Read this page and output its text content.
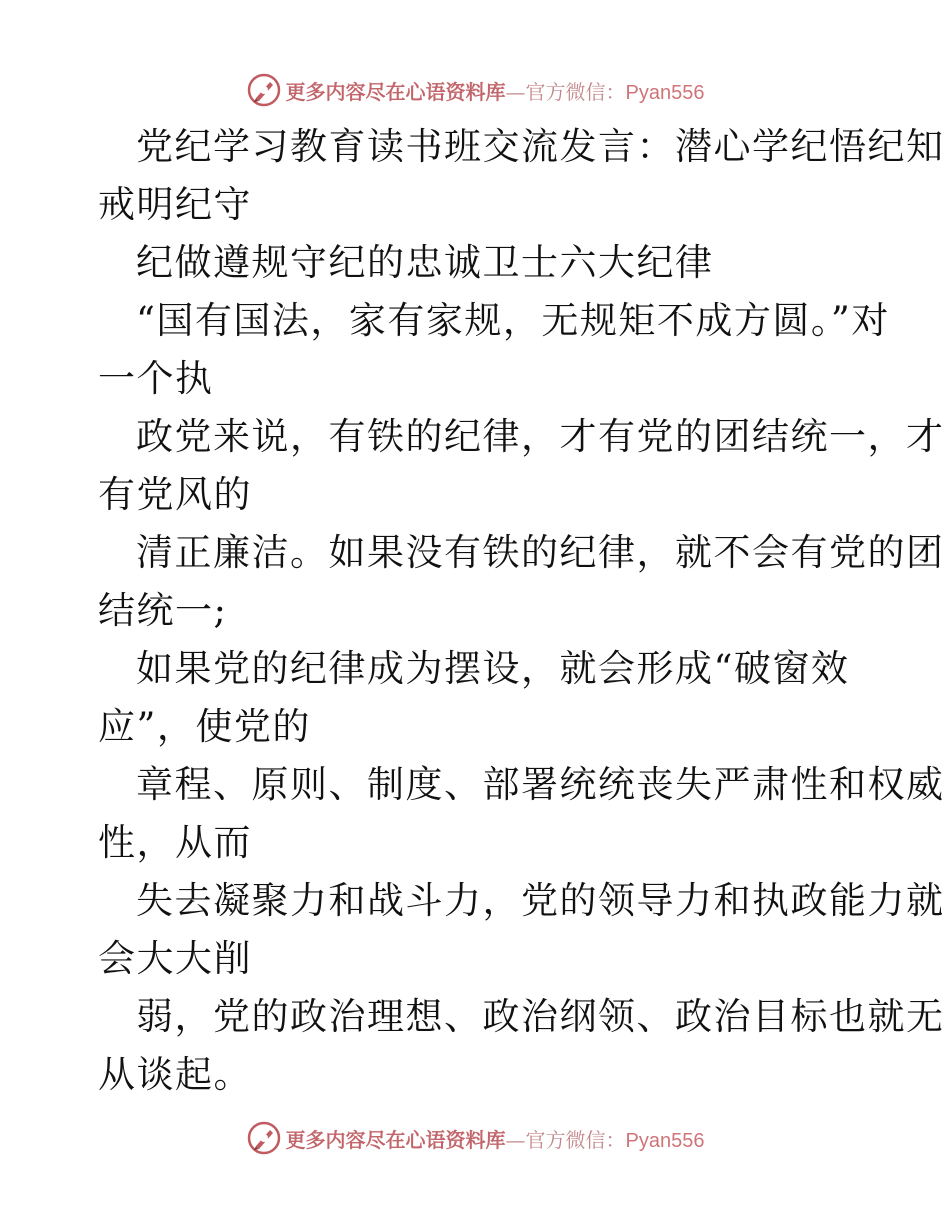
更多内容尽在心语资料库 — 官方微信： Pyan556
党纪学习教育读书班交流发言：潜心学纪悟纪知
戒明纪守
纪做遵规守纪的忠诚卫士六大纪律
“国有国法，家有家规，无规矩不成方圆。”对
一个执
政党来说，有铁的纪律，才有党的团结统一，才
有党风的
清正廉洁。如果没有铁的纪律，就不会有党的团
结统一;
如果党的纪律成为摆设，就会形成“破窗效
应”，使党的
章程、原则、制度、部署统统丧失严肃性和权威
性，从而
失去凝聚力和战斗力，党的领导力和执政能力就
会大大削
弱，党的政治理想、政治纲领、政治目标也就无
从谈起。
更多内容尽在心语资料库 — 官方微信： Pyan556
